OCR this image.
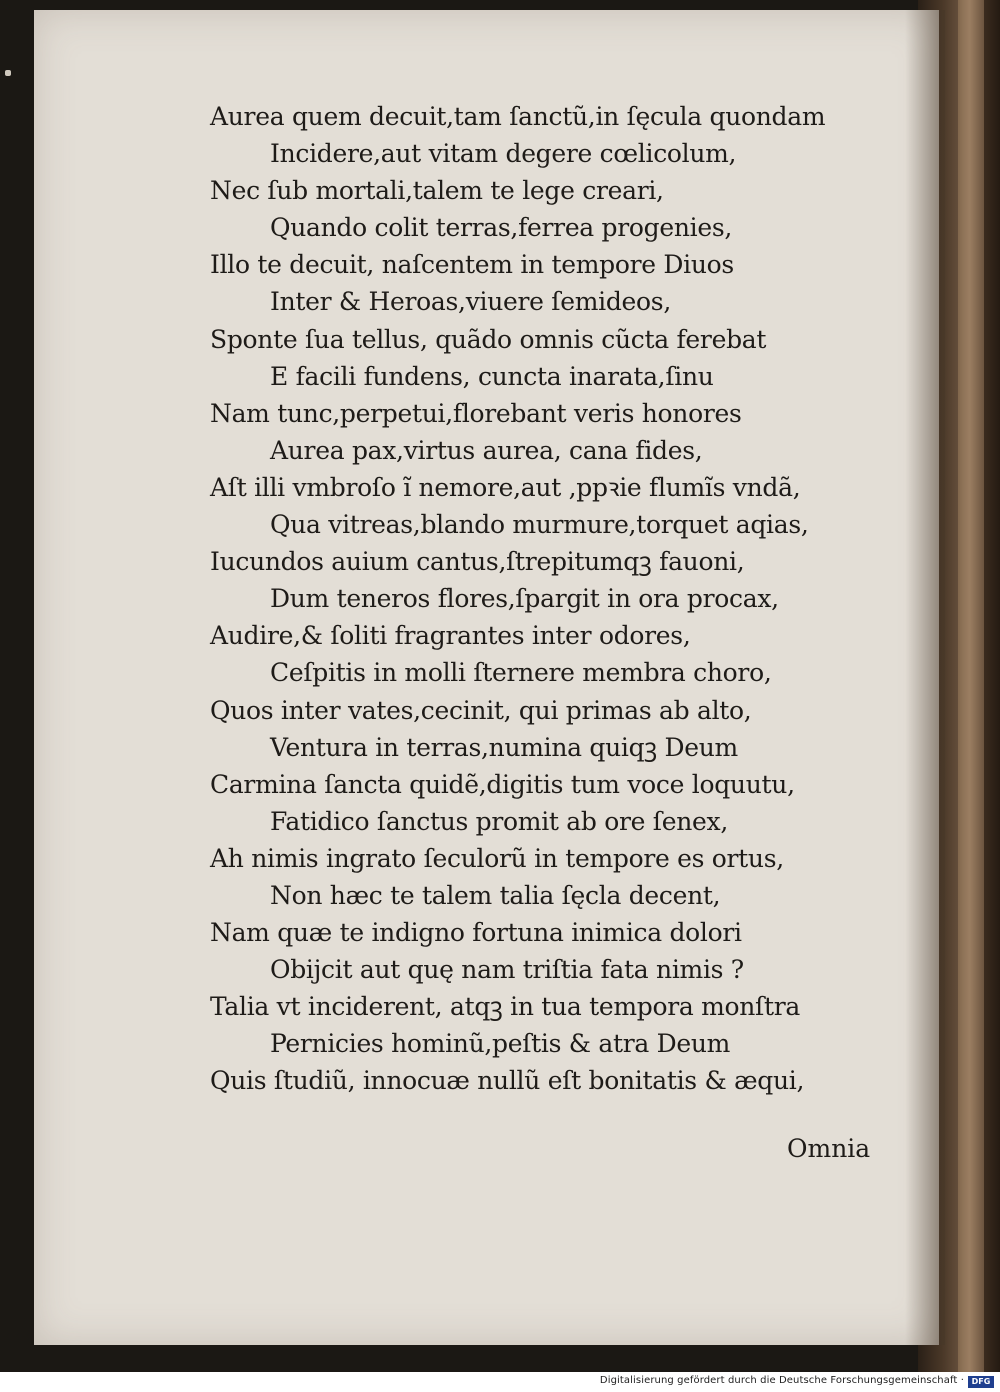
Aurea quem decuit,tam ſanctũ,in ſęcula quondam
Incidere,aut vitam degere cœlicolum,
Nec ſub mortali,talem te lege creari,
Quando colit terras,ferrea progenies,
Illo te decuit, naſcentem in tempore Diuos
Inter & Heroas,viuere ſemideos,
Sponte ſua tellus, quãdo omnis cũcta ferebat
E facili fundens, cuncta inarata,ſinu
Nam tunc,perpetui,florebant veris honores
Aurea pax,virtus aurea, cana fides,
Aſt illi vmbroſo ĩ nemore,aut ,ppꝛie flumĩs vndã,
Qua vitreas,blando murmure,torquet aqias,
Iucundos auium cantus,ſtrepitumqꝫ fauoni,
Dum teneros flores,ſpargit in ora procax,
Audire,& ſoliti fragrantes inter odores,
Ceſpitis in molli ſternere membra choro,
Quos inter vates,cecinit, qui primas ab alto,
Ventura in terras,numina quiqꝫ Deum
Carmina ſancta quidẽ,digitis tum voce loquutu,
Fatidico ſanctus promit ab ore ſenex,
Ah nimis ingrato ſeculorũ in tempore es ortus,
Non hæc te talem talia ſęcla decent,
Nam quæ te indigno fortuna inimica dolori
Obijcit aut quę nam triſtia fata nimis ?
Talia vt inciderent, atqꝫ in tua tempora monſtra
Pernicies hominũ,peſtis & atra Deum
Quis ſtudiũ, innocuæ nullũ eſt bonitatis & æqui,
Omnia
Digitalisierung gefördert durch die Deutsche Forschungsgemeinschaft · DFG
